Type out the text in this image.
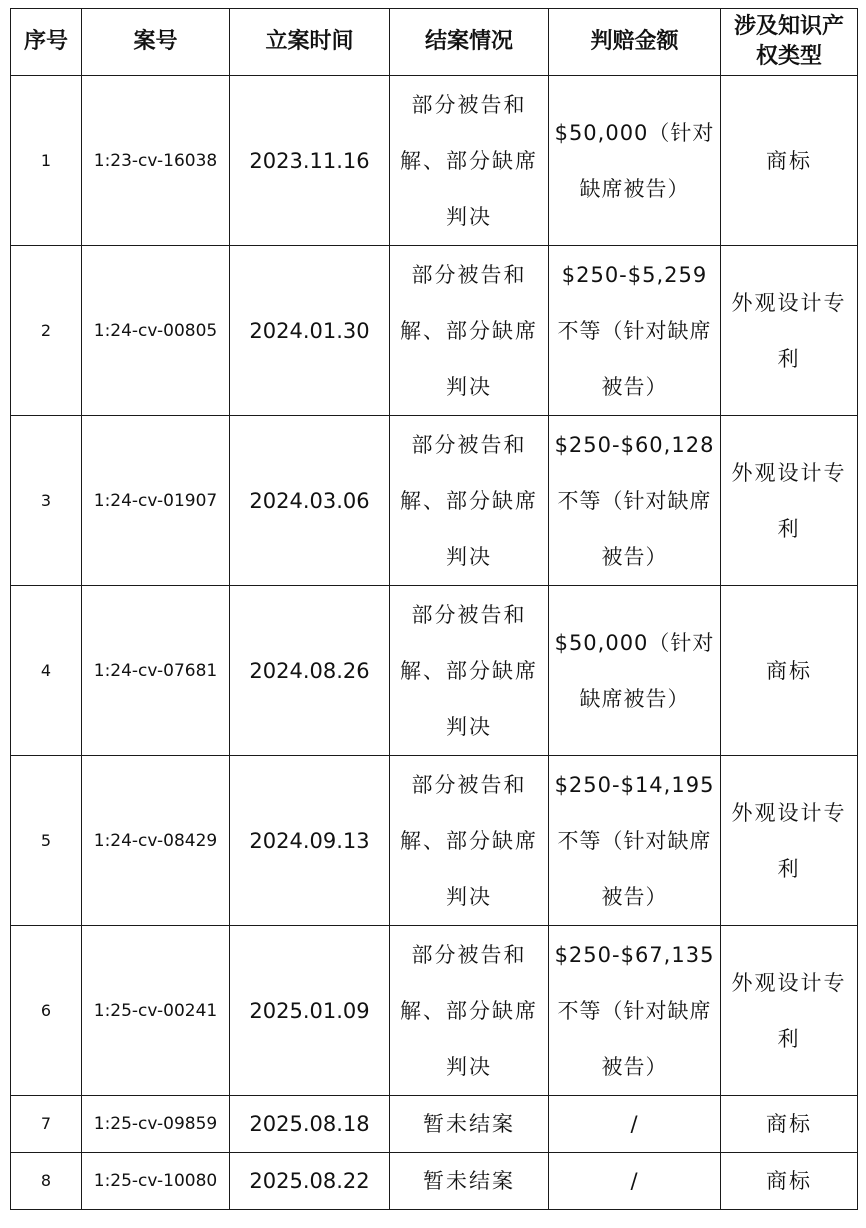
序号	案号	立案时间	结案情况	判赔金额	涉及知识产权类型
1	1:23-cv-16038	2023.11.16	部分被告和解、部分缺席判决	$50,000（针对缺席被告）	商标
2	1:24-cv-00805	2024.01.30	部分被告和解、部分缺席判决	$250-$5,259不等（针对缺席被告）	外观设计专利
3	1:24-cv-01907	2024.03.06	部分被告和解、部分缺席判决	$250-$60,128不等（针对缺席被告）	外观设计专利
4	1:24-cv-07681	2024.08.26	部分被告和解、部分缺席判决	$50,000（针对缺席被告）	商标
5	1:24-cv-08429	2024.09.13	部分被告和解、部分缺席判决	$250-$14,195不等（针对缺席被告）	外观设计专利
6	1:25-cv-00241	2025.01.09	部分被告和解、部分缺席判决	$250-$67,135不等（针对缺席被告）	外观设计专利
7	1:25-cv-09859	2025.08.18	暂未结案	/	商标
8	1:25-cv-10080	2025.08.22	暂未结案	/	商标
